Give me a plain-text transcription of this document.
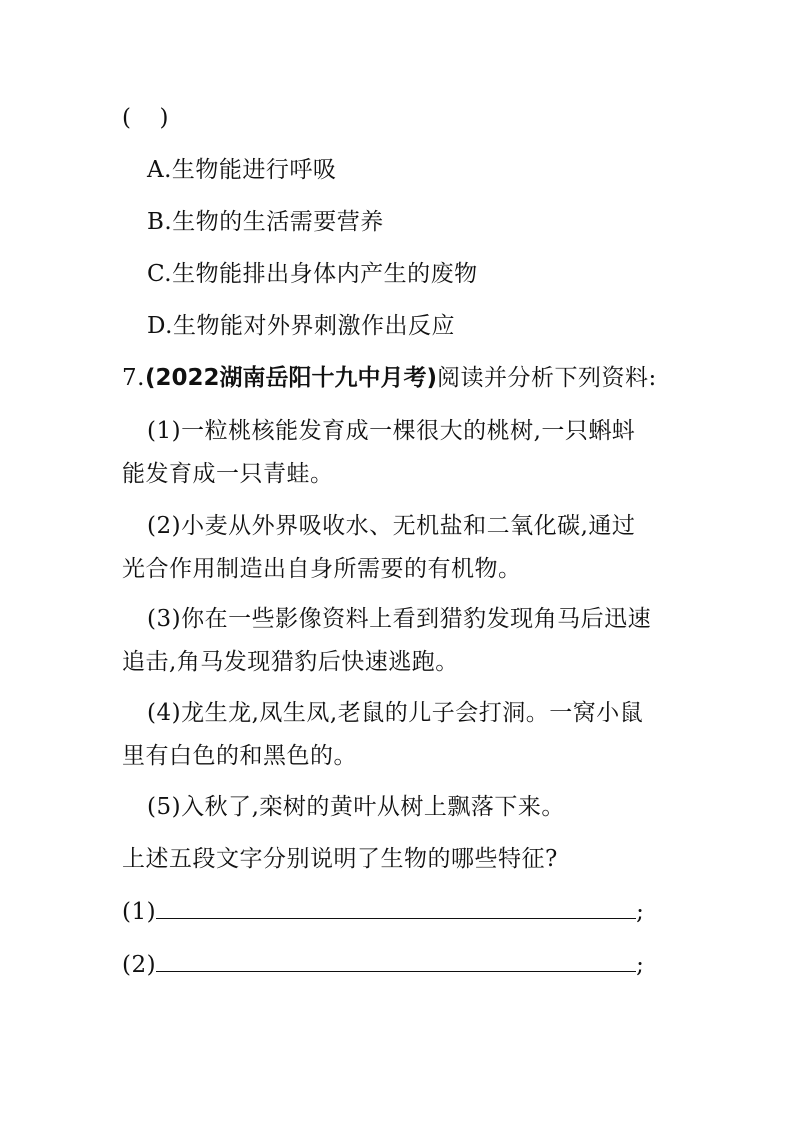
( )
A.生物能进行呼吸
B.生物的生活需要营养
C.生物能排出身体内产生的废物
D.生物能对外界刺激作出反应
7.(2022湖南岳阳十九中月考)阅读并分析下列资料:
(1)一粒桃核能发育成一棵很大的桃树,一只蝌蚪
能发育成一只青蛙。
(2)小麦从外界吸收水、无机盐和二氧化碳,通过
光合作用制造出自身所需要的有机物。
(3)你在一些影像资料上看到猎豹发现角马后迅速
追击,角马发现猎豹后快速逃跑。
(4)龙生龙,凤生凤,老鼠的儿子会打洞。一窝小鼠
里有白色的和黑色的。
(5)入秋了,栾树的黄叶从树上飘落下来。
上述五段文字分别说明了生物的哪些特征?
(1)	;
(2)	;
